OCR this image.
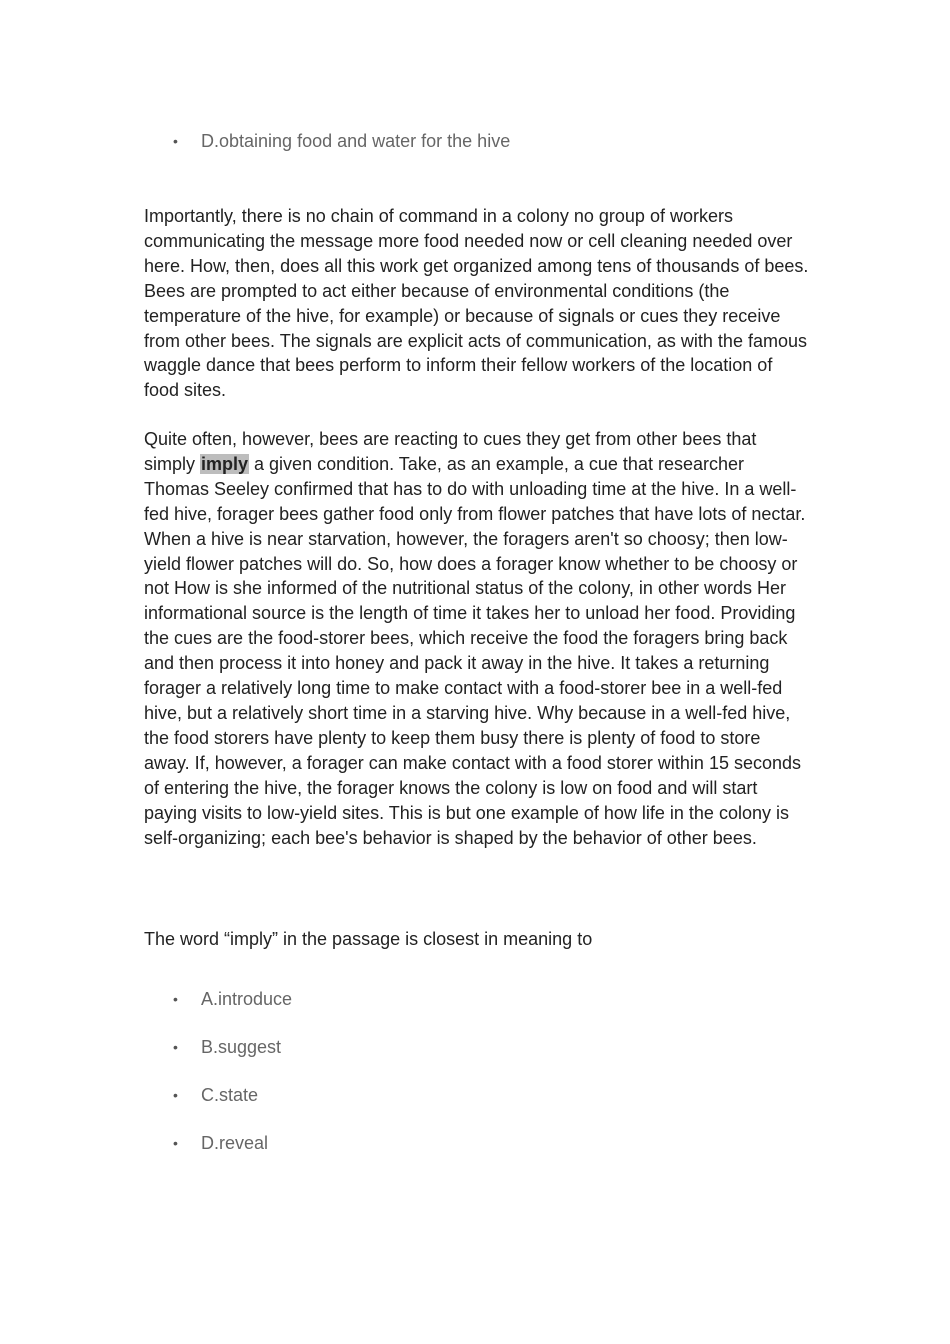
• D.obtaining food and water for the hive

Importantly, there is no chain of command in a colony no group of workers communicating the message more food needed now or cell cleaning needed over here. How, then, does all this work get organized among tens of thousands of bees. Bees are prompted to act either because of environmental conditions (the temperature of the hive, for example) or because of signals or cues they receive from other bees. The signals are explicit acts of communication, as with the famous waggle dance that bees perform to inform their fellow workers of the location of food sites.

Quite often, however, bees are reacting to cues they get from other bees that simply imply a given condition. Take, as an example, a cue that researcher Thomas Seeley confirmed that has to do with unloading time at the hive. In a well-fed hive, forager bees gather food only from flower patches that have lots of nectar. When a hive is near starvation, however, the foragers aren't so choosy; then low-yield flower patches will do. So, how does a forager know whether to be choosy or not How is she informed of the nutritional status of the colony, in other words Her informational source is the length of time it takes her to unload her food. Providing the cues are the food-storer bees, which receive the food the foragers bring back and then process it into honey and pack it away in the hive. It takes a returning forager a relatively long time to make contact with a food-storer bee in a well-fed hive, but a relatively short time in a starving hive. Why because in a well-fed hive, the food storers have plenty to keep them busy there is plenty of food to store away. If, however, a forager can make contact with a food storer within 15 seconds of entering the hive, the forager knows the colony is low on food and will start paying visits to low-yield sites. This is but one example of how life in the colony is self-organizing; each bee's behavior is shaped by the behavior of other bees.

The word “imply” in the passage is closest in meaning to

• A.introduce
• B.suggest
• C.state
• D.reveal
